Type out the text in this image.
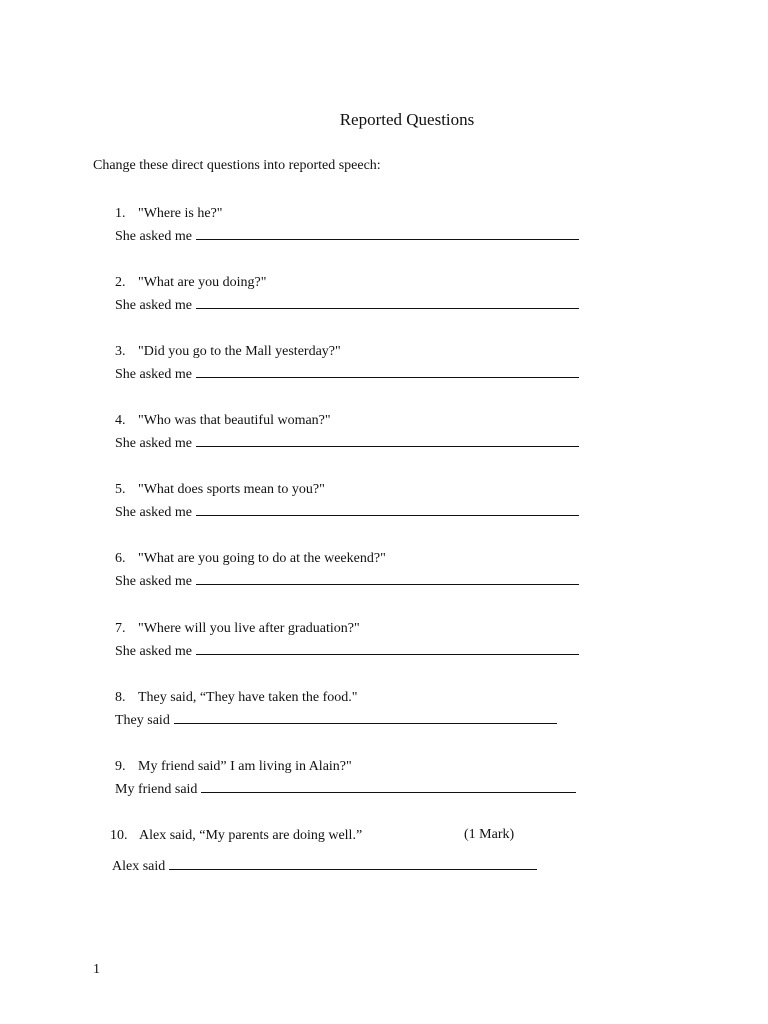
Reported Questions
Change these direct questions into reported speech:
1. "Where is he?"
She asked me
2. "What are you doing?"
She asked me
3. "Did you go to the Mall yesterday?"
She asked me
4. "Who was that beautiful woman?"
She asked me
5. "What does sports mean to you?"
She asked me
6. "What are you going to do at the weekend?"
She asked me
7. "Where will you live after graduation?"
She asked me
8. They said, “They have taken the food."
They said
9. My friend said” I am living in Alain?"
My friend said
10. Alex said, “My parents are doing well.”
Alex said
(1 Mark)
1
